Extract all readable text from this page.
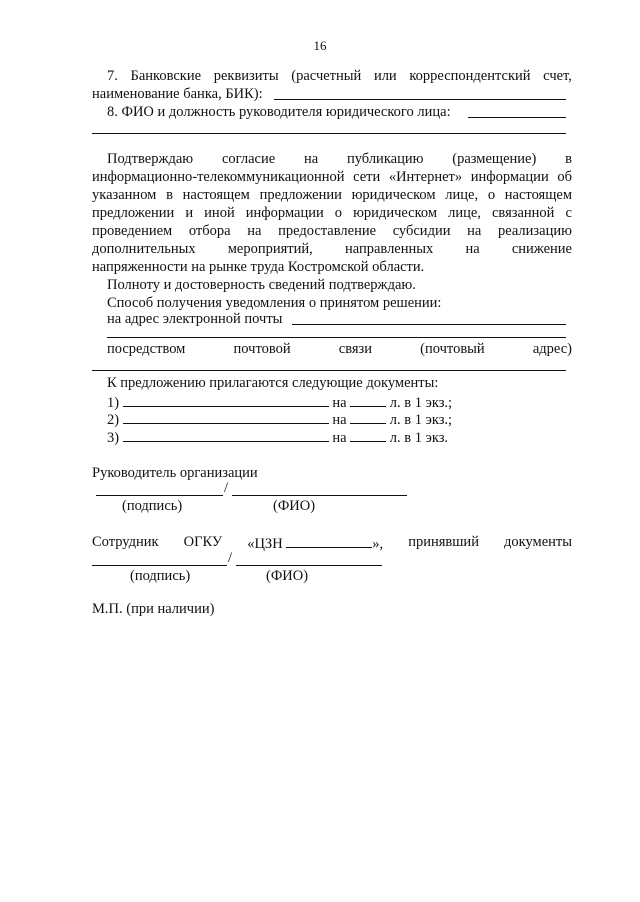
16
7. Банковские реквизиты (расчетный или корреспондентский счет,
наименование банка, БИК):
8. ФИО и должность руководителя юридического лица:
Подтверждаю согласие на публикацию (размещение) в
информационно-телекоммуникационной сети «Интернет» информации об
указанном в настоящем предложении юридическом лице, о настоящем
предложении и иной информации о юридическом лице, связанной с
проведением отбора на предоставление субсидии на реализацию
дополнительных мероприятий, направленных на снижение
напряженности на рынке труда Костромской области.
Полноту и достоверность сведений подтверждаю.
Способ получения уведомления о принятом решении:
на адрес электронной почты
посредством	почтовой	связи	(почтовый	адрес)
К предложению прилагаются следующие документы:
1)	на	л. в 1 экз.;
2)	на	л. в 1 экз.;
3)	на	л. в 1 экз.
Руководитель организации
/
(подпись)	(ФИО)
Сотрудник ОГКУ «ЦЗН	», принявший документы
/
(подпись)	(ФИО)
М.П. (при наличии)
